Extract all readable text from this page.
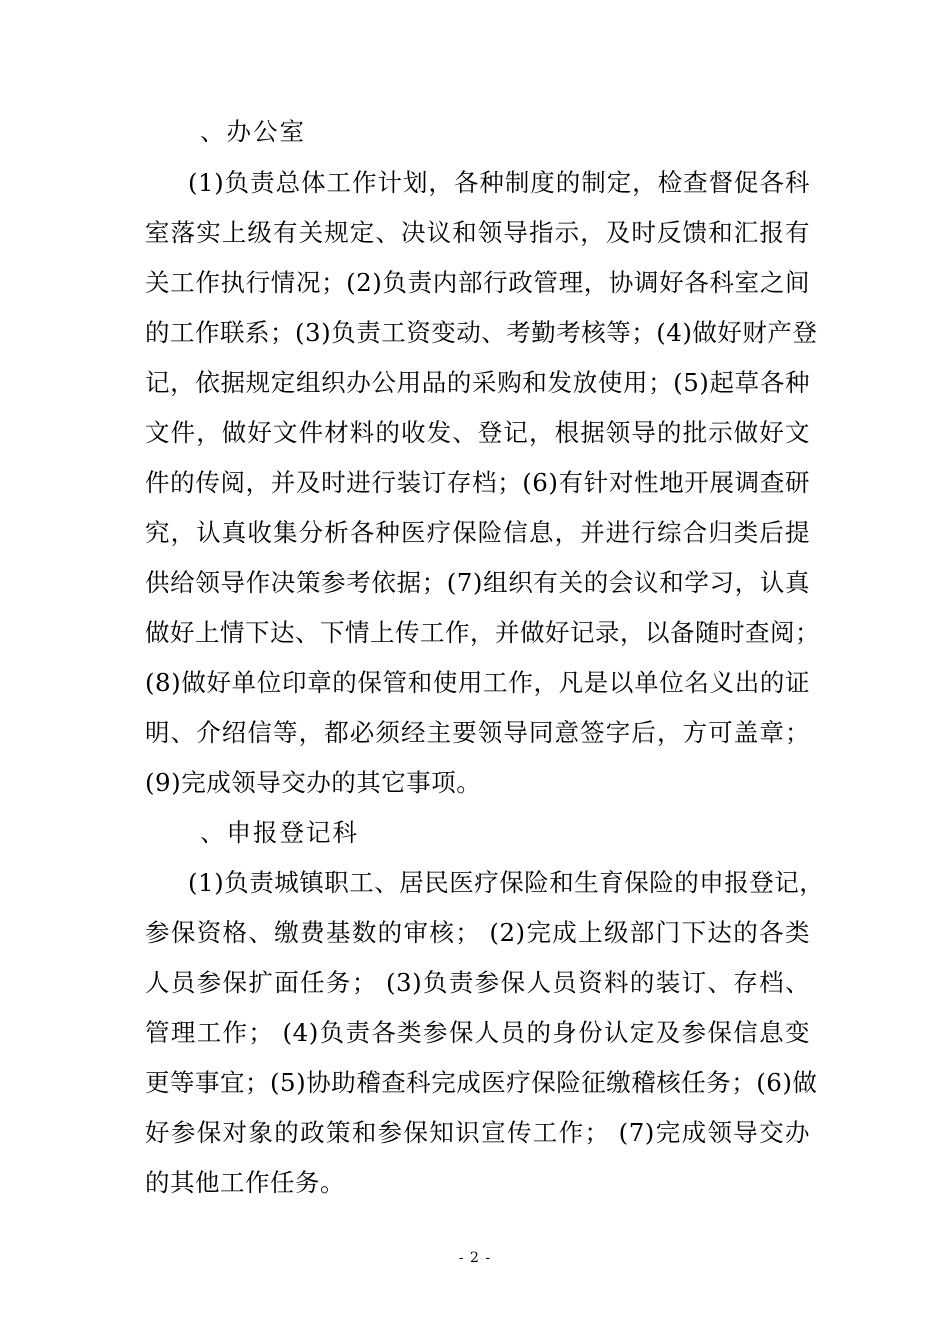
、办公室
(1)负责总体工作计划，各种制度的制定，检查督促各科
室落实上级有关规定、决议和领导指示，及时反馈和汇报有
关工作执行情况；(2)负责内部行政管理，协调好各科室之间
的工作联系；(3)负责工资变动、考勤考核等；(4)做好财产登
记，依据规定组织办公用品的采购和发放使用；(5)起草各种
文件，做好文件材料的收发、登记，根据领导的批示做好文
件的传阅，并及时进行装订存档；(6)有针对性地开展调查研
究，认真收集分析各种医疗保险信息，并进行综合归类后提
供给领导作决策参考依据；(7)组织有关的会议和学习，认真
做好上情下达、下情上传工作，并做好记录，以备随时查阅；
(8)做好单位印章的保管和使用工作，凡是以单位名义出的证
明、介绍信等，都必须经主要领导同意签字后，方可盖章；
(9)完成领导交办的其它事项。
、申报登记科
(1)负责城镇职工、居民医疗保险和生育保险的申报登记，
参保资格、缴费基数的审核； (2)完成上级部门下达的各类
人员参保扩面任务； (3)负责参保人员资料的装订、存档、
管理工作； (4)负责各类参保人员的身份认定及参保信息变
更等事宜；(5)协助稽查科完成医疗保险征缴稽核任务；(6)做
好参保对象的政策和参保知识宣传工作； (7)完成领导交办
的其他工作任务。
- 2 -
